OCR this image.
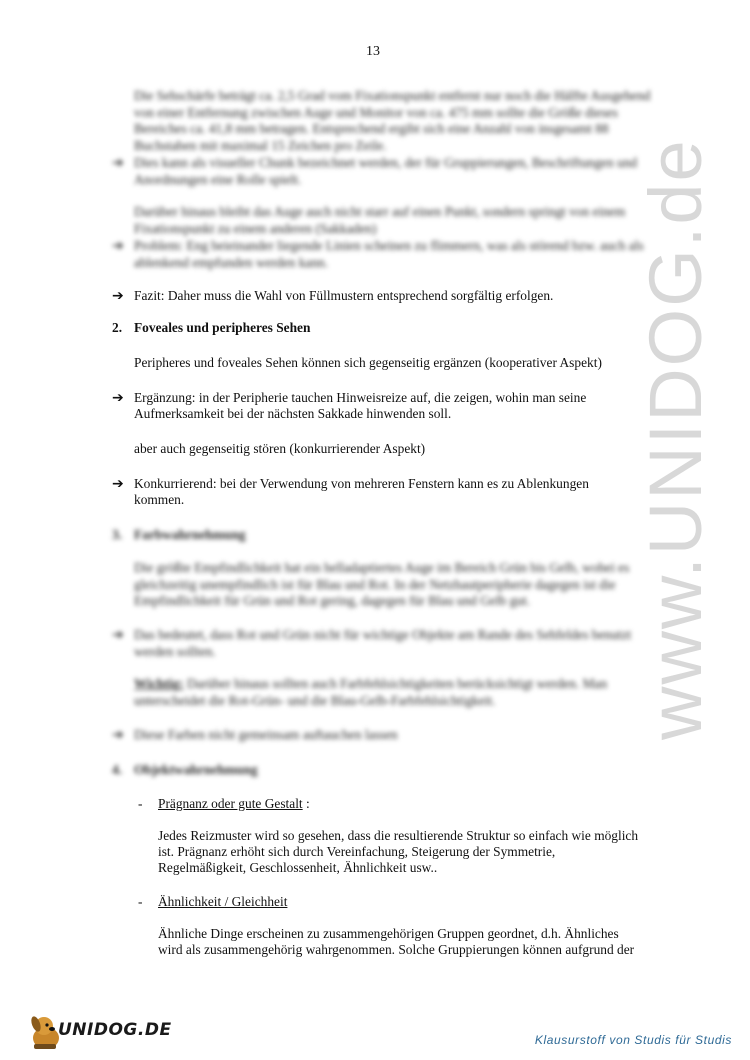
www.UNIDOG.de
13
Die Sehschärfe beträgt ca. 2,5 Grad vom Fixationspunkt entfernt nur noch die Hälfte Ausgehend von einer Entfernung zwischen Auge und Monitor von ca. 475 mm sollte die Größe dieses Bereiches ca. 41,8 mm betragen. Entsprechend ergibt sich eine Anzahl von insgesamt 88 Buchstaben mit maximal 15 Zeichen pro Zeile.
➔ Dies kann als visueller Chunk bezeichnet werden, der für Gruppierungen, Beschriftungen und Anordnungen eine Rolle spielt.
Darüber hinaus bleibt das Auge auch nicht starr auf einen Punkt, sondern springt von einem Fixationspunkt zu einem anderen (Sakkaden)
➔ Problem: Eng beieinander liegende Linien scheinen zu flimmern, was als störend bzw. auch als ablenkend empfunden werden kann.
➔ Fazit: Daher muss die Wahl von Füllmustern entsprechend sorgfältig erfolgen.
2. Foveales und peripheres Sehen
Peripheres und foveales Sehen können sich gegenseitig ergänzen (kooperativer Aspekt)
➔ Ergänzung: in der Peripherie tauchen Hinweisreize auf, die zeigen, wohin man seine
Aufmerksamkeit bei der nächsten Sakkade hinwenden soll.
aber auch gegenseitig stören (konkurrierender Aspekt)
➔ Konkurrierend: bei der Verwendung von mehreren Fenstern kann es zu Ablenkungen
kommen.
3. Farbwahrnehmung
Die größte Empfindlichkeit hat ein helladaptiertes Auge im Bereich Grün bis Gelb, wobei es gleichzeitig unempfindlich ist für Blau und Rot. In der Netzhautperipherie dagegen ist die Empfindlichkeit für Grün und Rot gering, dagegen für Blau und Gelb gut.
➔ Das bedeutet, dass Rot und Grün nicht für wichtige Objekte am Rande des Sehfeldes benutzt werden sollten.
Wichtig: Darüber hinaus sollten auch Farbfehlsichtigkeiten berücksichtigt werden. Man unterscheidet die Rot-Grün- und die Blau-Gelb-Farbfehlsichtigkeit.
➔ Diese Farben nicht gemeinsam auftauchen lassen
4. Objektwahrnehmung
- Prägnanz oder gute Gestalt :
Jedes Reizmuster wird so gesehen, dass die resultierende Struktur so einfach wie möglich
ist. Prägnanz erhöht sich durch Vereinfachung, Steigerung der Symmetrie,
Regelmäßigkeit, Geschlossenheit, Ähnlichkeit usw..
- Ähnlichkeit / Gleichheit
Ähnliche Dinge erscheinen zu zusammengehörigen Gruppen geordnet, d.h. Ähnliches
wird als zusammengehörig wahrgenommen. Solche Gruppierungen können aufgrund der
UNIDOG.DE	Klausurstoff von Studis für Studis
